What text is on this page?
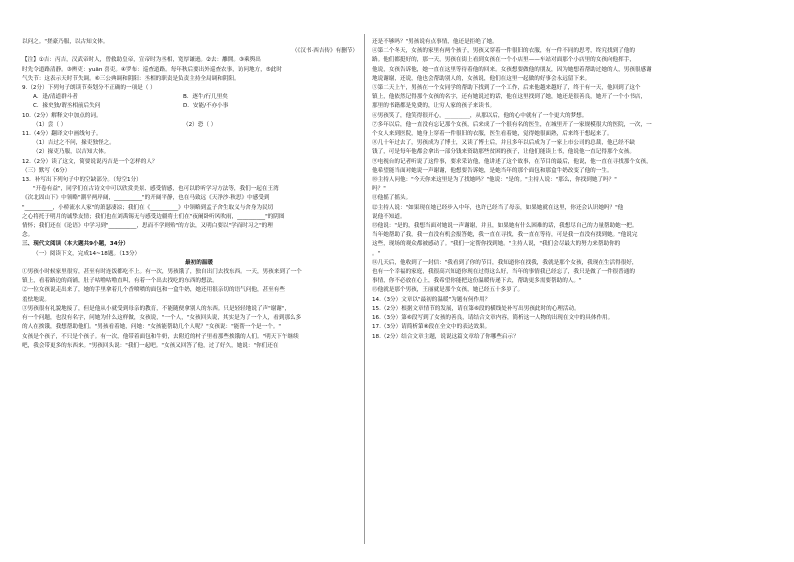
以问之。"搓豪乃服，以古知文体。
（《汉书·西吉传》有删节）
【注】①吉：丙吉，汉武帝时人，曾救助皇帝，宣帝时为丞相，宽厚谦逊。②去：離開。③乘舆出
时先令道路清静。③辨吏：yuān 喜吏。④罗布：巡查道路。每年秋后要出外巡查农事，访问地方，⑤此时
气失节：这表示天时节失调。⑥三公典调和阴阳：丞相的职责是负责主持全局调和阴阳。
9.（2分）下列句子朗读节奏划分不正确的一项是（ ）
A．逢/清道群斗者	B．逐牛/行几里矣
C．掾史独/谓丞相前后失问	D．安能/不亦小事
10.（2分）解释文中加点的词。
（1）尝（ ）	（2）恐（ ）
11.（4分）翻译文中画线句子。
（1）吉过之不问，掾吏独怪之。
（2）掾吏乃服，以吉知大体。
12.（2分）读了这文，简要说说丙吉是一个怎样的人？
（三）默写（6分）
13．补写出下列句子中的空缺部分。（每空1分）
"开卷有益"，同学们在古诗文中可以欣赏美景、感受情感，也可以聆听学习方法等，我们一起在王湾
《次北固山下》中领略"潮平两岸阔，__________"的开阔平静，也在马致远《天净沙·秋思》中感受到
"__________，小桥流水人家"的萧瑟凄凉；我们在《__________》中领略到孟子舍生取义与舍身为民切
之心将托于明月的诚挚友情；我们也在刘禹锡无与感受边疆将士们在"夜阑卧听风吹雨，__________"的阴图
情怀；我们还在《论语》中学习到"__________，思而不学则殆"的方法，又明白要以"学而时习之"的理
念。
三、现代文阅读（本大题共9小题，34分）
（一）阅读下文，完成14~18题。（13分）
最初的温暖
①男孩小时候家里很穷，甚至有时连饭都吃不上。有一次，男孩饿了，独自出门去找东西。一天，男孩来到了一个
镇上，看着路边的商铺，肚子咕噜咕噜直叫，有着一个出去找吃的东西的想法。
②一位女孩说走出来了，她的手里拿着几个香喷喷的面包和一盒牛奶，她还用很亲切的语气问他，甚至有些
羞怯地说。
③男孩很有礼貌地接了，但是他从小就受到母亲的教育，不能随便拿别人的东西。只是轻轻地说了声"谢谢"，
有一个问题，也没有名字，问她为什么这样做，女孩说，"一个人，"女孩回头说，其实是为了一个人，看到那么多
的人在挨饿，我想帮助他们。"男孩看着她，问她："女孩能帮助几个人呢？"女孩说："能帮一个是一个。"
女孩是个孩子，不只是个孩子。有一次，他带着面包和牛奶，去附近的村子里看那些挨饿的人们。"明天下午继续
吧，我会带更多的东西来。"男孩回头说："我们一起吧。"女孩又回答了他，过了好久，她说："你们还在
还是不够吗？"男孩说有点事情，他还是拒绝了她。
④第二个冬天，女孩的家里有两个孩子，男孩又穿着一件很旧的衣服，有一件不同的思考，终究找到了他的
路。他们都挺好的，那一天，男孩在街上看到女孩在一个小店里——车站对面那个小店里的女孩向他挥手，
他说，女孩告诉他，她一直在这里等待着他的回来。女孩想要做他的朋友，因为她想着帮助过她的人，男孩很感谢
地说谢谢，还说，他也会帮助别人的，女孩说，他们在这里一起做的好事会永远留下来。
⑤第二天上午，男孩在一个女同学的帮助下找到了一个工作，后来他越来越好了，终于有一天，他回到了这个
镇上，他依然记得那个女孩的名字，还有她说过的话，他在这里找到了她，她还是很善良，她开了一个小书店，
那里的书籍都是免费的，让穷人家的孩子来读书。
⑥男孩笑了，他笑得很开心，_________，从那以后，他的心中就有了一个更大的梦想。
⑦多年以后，他一直没有忘记那个女孩，后来成了一个很有名的医生，在城里开了一家规模很大的医院，一次，一
个女人来到医院，她身上穿着一件很旧的衣服，医生看着她，觉得她很面熟，后来终于想起来了。
⑧几十年过去了，男孩成为了博士，又读了博士后，并且多年以后成为了一家上市公司的总裁，他已经不缺
钱了，可是每年他都会拿出一部分钱来资助那些贫困的孩子，让他们能读上书，他说他一直记得那个女孩。
⑨电视台的记者听说了这件事，要求采访他，他讲述了这个故事，在节目的最后，他说，他一直在寻找那个女孩，
他希望能当面对她说一声谢谢，他想要告诉她，是她当年的那个面包和那盒牛奶改变了他的一生。
⑩主持人问他："今天你来这里是为了找她吗？"他说："是的。"主持人说："那么，你找到她了吗？"
吗？"
⑪他摇了摇头。
⑫主持人说："如果现在她已经步入中年，也许已经当了母亲，如果她就在这里，你还会认识她吗？"他
说他不知道。
⑬他说："是的，我想当面对她说一声谢谢，并且，如果她有什么困难的话，我想尽自己的力量帮助她一把。
当年她帮助了我，我一直没有机会报答她，我一直在寻找，我一直在等待，可是我一直没有找到她。"他说完
这些，现场的观众都被感动了。"我们一定帮你找到她。"主持人说，"我们会尽最大的努力来帮助你的
。"
⑭几天后，他收到了一封信："我看到了你的节目，我知道你在找我，我就是那个女孩，我现在生活得很好，
也有一个幸福的家庭，我很高兴知道你现在过得这么好，当年的事情我已经忘了，我只是做了一件很普通的
事情，你不必放在心上，我希望你能把这份温暖传递下去，帮助更多需要帮助的人。"
⑮他就是那个男孩，王丽就是那个女孩，她已经五十多岁了。
14.（3分）文章以"最初的温暖"为题有何作用？
15.（2分）根据文章情节的发展，请在第⑥段的横线处补写出男孩此时的心理活动。
16.（3分）第⑥段写到了女孩的善良，请结合文章内容，简析这一人物的出现在文中的具体作用。
17.（3分）请简析第⑧段在全文中的表达效果。
18.（2分）结合文章主题，说说这篇文章给了你哪些启示？
